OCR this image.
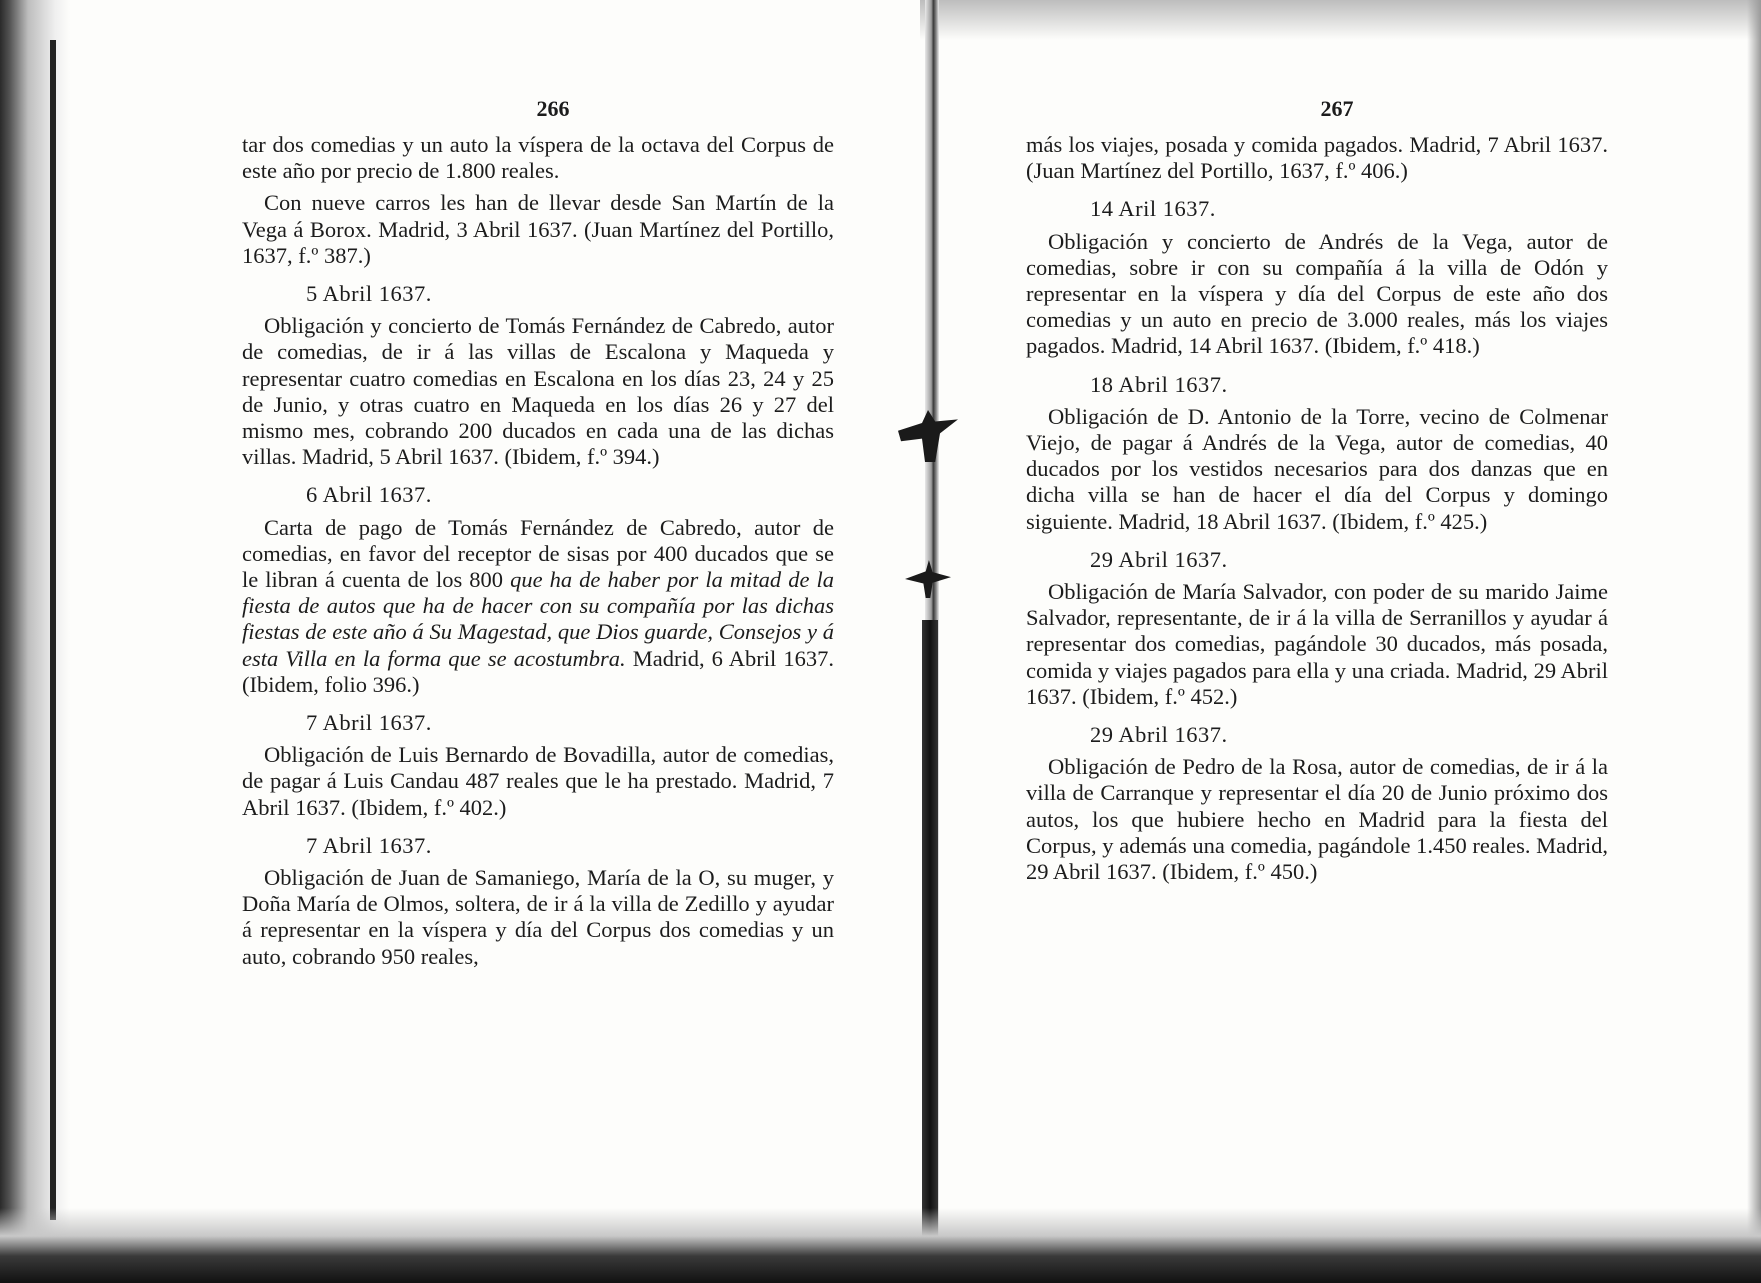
266

tar dos comedias y un auto la víspera de la octava del Corpus de este año por precio de 1.800 reales.

Con nueve carros les han de llevar desde San Martín de la Vega á Borox. Madrid, 3 Abril 1637. (Juan Martínez del Portillo, 1637, f.º 387.)

5 Abril 1637.

Obligación y concierto de Tomás Fernández de Cabredo, autor de comedias, de ir á las villas de Escalona y Maqueda y representar cuatro comedias en Escalona en los días 23, 24 y 25 de Junio, y otras cuatro en Maqueda en los días 26 y 27 del mismo mes, cobrando 200 ducados en cada una de las dichas villas. Madrid, 5 Abril 1637. (Ibidem, f.º 394.)

6 Abril 1637.

Carta de pago de Tomás Fernández de Cabredo, autor de comedias, en favor del receptor de sisas por 400 ducados que se le libran á cuenta de los 800 que ha de haber por la mitad de la fiesta de autos que ha de hacer con su compañía por las dichas fiestas de este año á Su Magestad, que Dios guarde, Consejos y á esta Villa en la forma que se acostumbra. Madrid, 6 Abril 1637. (Ibidem, folio 396.)

7 Abril 1637.

Obligación de Luis Bernardo de Bovadilla, autor de comedias, de pagar á Luis Candau 487 reales que le ha prestado. Madrid, 7 Abril 1637. (Ibidem, f.º 402.)

7 Abril 1637.

Obligación de Juan de Samaniego, María de la O, su muger, y Doña María de Olmos, soltera, de ir á la villa de Zedillo y ayudar á representar en la víspera y día del Corpus dos comedias y un auto, cobrando 950 reales,

267

más los viajes, posada y comida pagados. Madrid, 7 Abril 1637. (Juan Martínez del Portillo, 1637, f.º 406.)

14 Aril 1637.

Obligación y concierto de Andrés de la Vega, autor de comedias, sobre ir con su compañía á la villa de Odón y representar en la víspera y día del Corpus de este año dos comedias y un auto en precio de 3.000 reales, más los viajes pagados. Madrid, 14 Abril 1637. (Ibidem, f.º 418.)

18 Abril 1637.

Obligación de D. Antonio de la Torre, vecino de Colmenar Viejo, de pagar á Andrés de la Vega, autor de comedias, 40 ducados por los vestidos necesarios para dos danzas que en dicha villa se han de hacer el día del Corpus y domingo siguiente. Madrid, 18 Abril 1637. (Ibidem, f.º 425.)

29 Abril 1637.

Obligación de María Salvador, con poder de su marido Jaime Salvador, representante, de ir á la villa de Serranillos y ayudar á representar dos comedias, pagándole 30 ducados, más posada, comida y viajes pagados para ella y una criada. Madrid, 29 Abril 1637. (Ibidem, f.º 452.)

29 Abril 1637.

Obligación de Pedro de la Rosa, autor de comedias, de ir á la villa de Carranque y representar el día 20 de Junio próximo dos autos, los que hubiere hecho en Madrid para la fiesta del Corpus, y además una comedia, pagándole 1.450 reales. Madrid, 29 Abril 1637. (Ibidem, f.º 450.)
